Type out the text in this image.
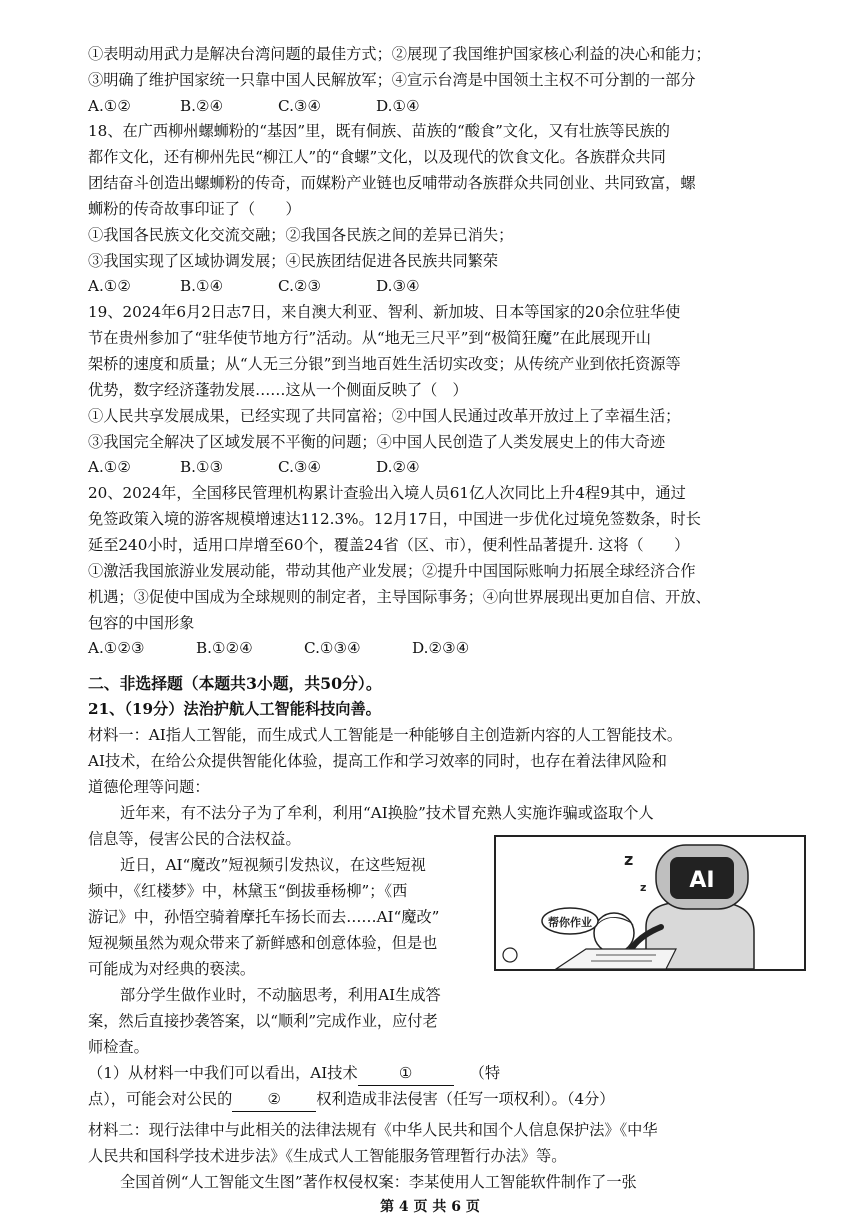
①表明动用武力是解决台湾问题的最佳方式；②展现了我国维护国家核心利益的决心和能力；
③明确了维护国家统一只靠中国人民解放军；④宣示台湾是中国领土主权不可分割的一部分
A.①②	B.②④	C.③④	D.①④
18、在广西柳州螺蛳粉的“基因”里，既有侗族、苗族的“酸食”文化，又有壮族等民族的
都作文化，还有柳州先民“柳江人”的“食螺”文化，以及现代的饮食文化。各族群众共同
团结奋斗创造出螺蛳粉的传奇，而媒粉产业链也反哺带动各族群众共同创业、共同致富，螺
蛳粉的传奇故事印证了（　　）
①我国各民族文化交流交融；②我国各民族之间的差异已消失；
③我国实现了区域协调发展；④民族团结促进各民族共同繁荣
A.①②	B.①④	C.②③	D.③④
19、2024年6月2日志7日，来自澳大利亚、智利、新加坡、日本等国家的20余位驻华使
节在贵州参加了“驻华使节地方行”活动。从“地无三尺平”到“极简狂魔”在此展现开山
架桥的速度和质量；从“人无三分银”到当地百姓生活切实改变；从传统产业到依托资源等
优势，数字经济蓬勃发展……这从一个侧面反映了（　）
①人民共享发展成果，已经实现了共同富裕；②中国人民通过改革开放过上了幸福生活；
③我国完全解决了区域发展不平衡的问题；④中国人民创造了人类发展史上的伟大奇迹
A.①②	B.①③	C.③④	D.②④
20、2024年，全国移民管理机构累计查验出入境人员61亿人次同比上升4程9其中，通过
免签政策入境的游客规模增速达112.3%。12月17日，中国进一步优化过境免签数条，时长
延至240小时，适用口岸增至60个，覆盖24省（区、市），便利性品著提升. 这将（　　）
①激活我国旅游业发展动能，带动其他产业发展；②提升中国国际账响力拓展全球经济合作
机遇；③促使中国成为全球规则的制定者，主导国际事务；④向世界展现出更加自信、开放、
包容的中国形象
A.①②③	B.①②④	C.①③④	D.②③④
二、非选择题（本题共3小题，共50分）。
21、（19分）法治护航人工智能科技向善。
材料一：AI指人工智能，而生成式人工智能是一种能够自主创造新内容的人工智能技术。
AI技术，在给公众提供智能化体验，提高工作和学习效率的同时，也存在着法律风险和
道德伦理等问题：
近年来，有不法分子为了牟利，利用“AI换脸”技术冒充熟人实施诈骗或盗取个人
信息等，侵害公民的合法权益。
近日，AI“魔改”短视频引发热议，在这些短视
频中，《红楼梦》中，林黛玉“倒拔垂杨柳”；《西
游记》中，孙悟空骑着摩托车扬长而去……AI“魔改”
短视频虽然为观众带来了新鲜感和创意体验，但是也
可能成为对经典的亵渎。
部分学生做作业时，不动脑思考，利用AI生成答
案，然后直接抄袭答案，以“顺利”完成作业，应付老
师检查。
AI
z
z
帮你作业
（1）从材料一中我们可以看出，AI技术	①	（特
点），可能会对公民的 ② 权利造成非法侵害（任写一项权利）。（4分）
材料二：现行法律中与此相关的法律法规有《中华人民共和国个人信息保护法》《中华
人民共和国科学技术进步法》《生成式人工智能服务管理暂行办法》等。
全国首例“人工智能文生图”著作权侵权案：李某使用人工智能软件制作了一张
第 4 页 共 6 页
